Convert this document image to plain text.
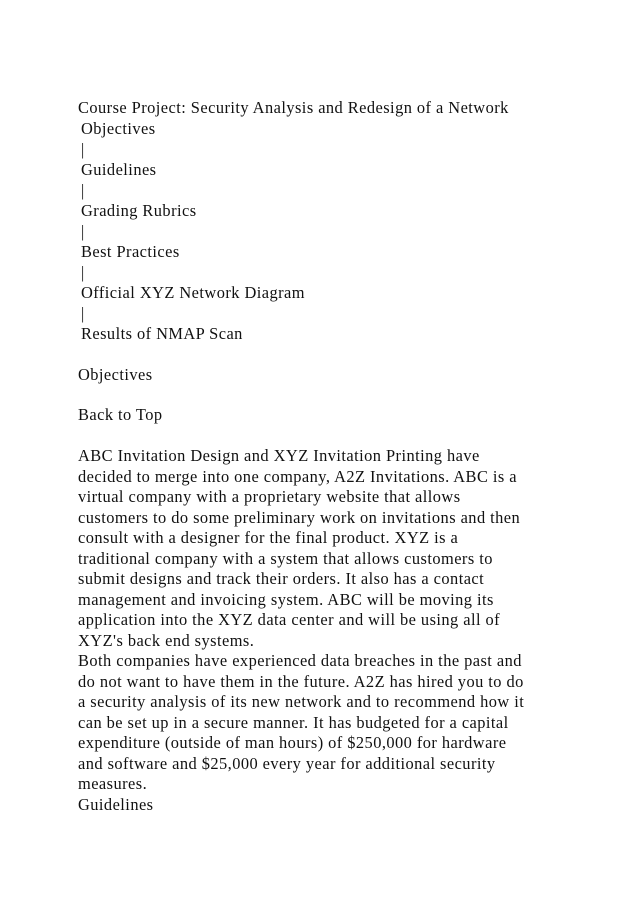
Course Project: Security Analysis and Redesign of a Network
Objectives
|
Guidelines
|
Grading Rubrics
|
Best Practices
|
Official XYZ Network Diagram
|
Results of NMAP Scan
Objectives
Back to Top
ABC Invitation Design and XYZ Invitation Printing have
decided to merge into one company, A2Z Invitations. ABC is a
virtual company with a proprietary website that allows
customers to do some preliminary work on invitations and then
consult with a designer for the final product. XYZ is a
traditional company with a system that allows customers to
submit designs and track their orders. It also has a contact
management and invoicing system. ABC will be moving its
application into the XYZ data center and will be using all of
XYZ's back end systems.
Both companies have experienced data breaches in the past and
do not want to have them in the future. A2Z has hired you to do
a security analysis of its new network and to recommend how it
can be set up in a secure manner. It has budgeted for a capital
expenditure (outside of man hours) of $250,000 for hardware
and software and $25,000 every year for additional security
measures.
Guidelines
